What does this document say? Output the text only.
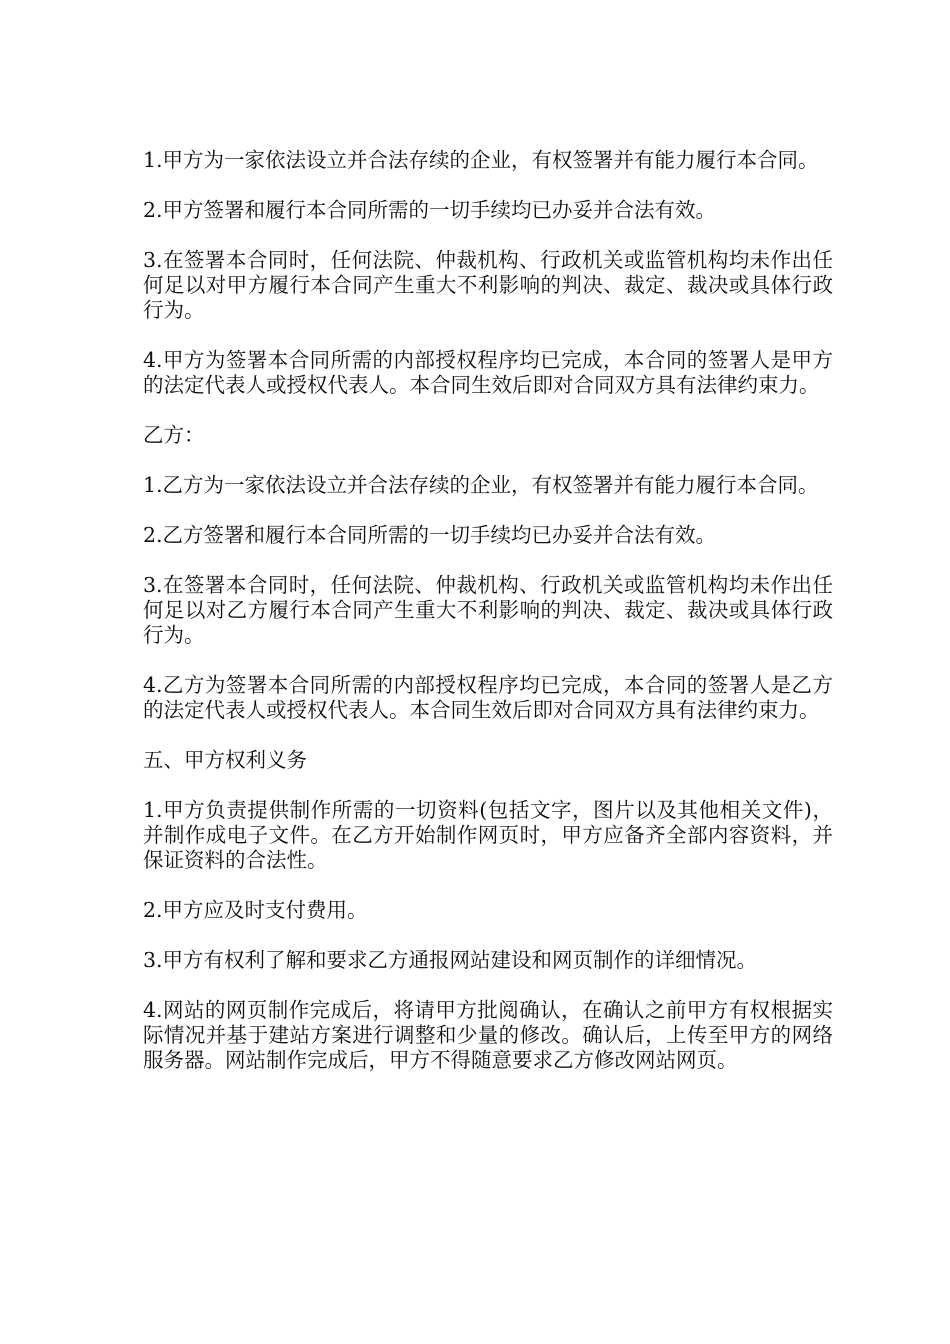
1.甲方为一家依法设立并合法存续的企业，有权签署并有能力履行本合同。

2.甲方签署和履行本合同所需的一切手续均已办妥并合法有效。

3.在签署本合同时，任何法院、仲裁机构、行政机关或监管机构均未作出任何足以对甲方履行本合同产生重大不利影响的判决、裁定、裁决或具体行政行为。

4.甲方为签署本合同所需的内部授权程序均已完成，本合同的签署人是甲方的法定代表人或授权代表人。本合同生效后即对合同双方具有法律约束力。

乙方：

1.乙方为一家依法设立并合法存续的企业，有权签署并有能力履行本合同。

2.乙方签署和履行本合同所需的一切手续均已办妥并合法有效。

3.在签署本合同时，任何法院、仲裁机构、行政机关或监管机构均未作出任何足以对乙方履行本合同产生重大不利影响的判决、裁定、裁决或具体行政行为。

4.乙方为签署本合同所需的内部授权程序均已完成，本合同的签署人是乙方的法定代表人或授权代表人。本合同生效后即对合同双方具有法律约束力。

五、甲方权利义务

1.甲方负责提供制作所需的一切资料(包括文字，图片以及其他相关文件)，并制作成电子文件。在乙方开始制作网页时，甲方应备齐全部内容资料，并保证资料的合法性。

2.甲方应及时支付费用。

3.甲方有权利了解和要求乙方通报网站建设和网页制作的详细情况。

4.网站的网页制作完成后，将请甲方批阅确认，在确认之前甲方有权根据实际情况并基于建站方案进行调整和少量的修改。确认后，上传至甲方的网络服务器。网站制作完成后，甲方不得随意要求乙方修改网站网页。
